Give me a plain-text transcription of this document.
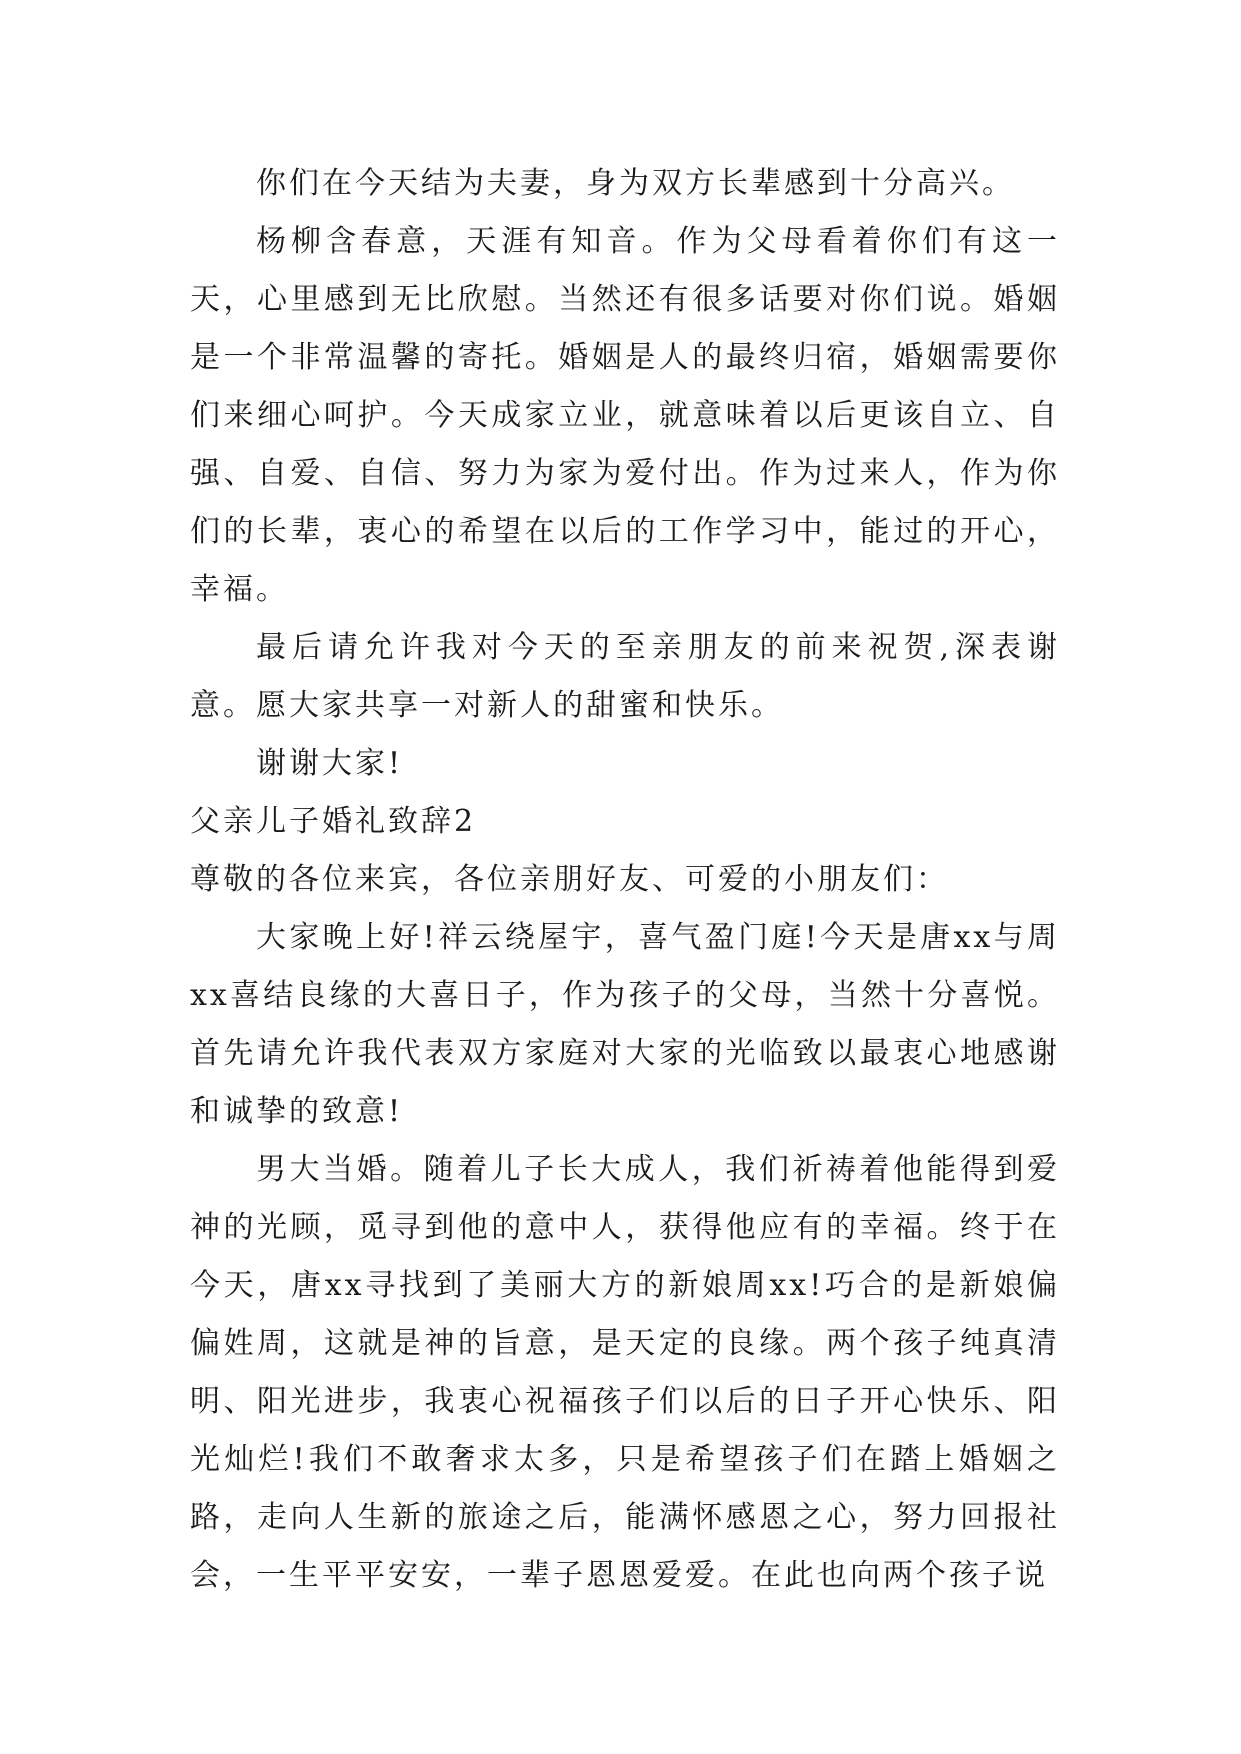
你们在今天结为夫妻，身为双方长辈感到十分高兴。

杨柳含春意，天涯有知音。作为父母看着你们有这一天，心里感到无比欣慰。当然还有很多话要对你们说。婚姻是一个非常温馨的寄托。婚姻是人的最终归宿，婚姻需要你们来细心呵护。今天成家立业，就意味着以后更该自立、自强、自爱、自信、努力为家为爱付出。作为过来人，作为你们的长辈，衷心的希望在以后的工作学习中，能过的开心，幸福。

最后请允许我对今天的至亲朋友的前来祝贺,深表谢意。愿大家共享一对新人的甜蜜和快乐。

谢谢大家!

父亲儿子婚礼致辞2

尊敬的各位来宾，各位亲朋好友、可爱的小朋友们：

大家晚上好!祥云绕屋宇，喜气盈门庭!今天是唐xx与周xx喜结良缘的大喜日子，作为孩子的父母，当然十分喜悦。首先请允许我代表双方家庭对大家的光临致以最衷心地感谢和诚挚的致意!

男大当婚。随着儿子长大成人，我们祈祷着他能得到爱神的光顾，觅寻到他的意中人，获得他应有的幸福。终于在今天，唐xx寻找到了美丽大方的新娘周xx!巧合的是新娘偏偏姓周，这就是神的旨意，是天定的良缘。两个孩子纯真清明、阳光进步，我衷心祝福孩子们以后的日子开心快乐、阳光灿烂!我们不敢奢求太多，只是希望孩子们在踏上婚姻之路，走向人生新的旅途之后，能满怀感恩之心，努力回报社会，一生平平安安，一辈子恩恩爱爱。在此也向两个孩子说
